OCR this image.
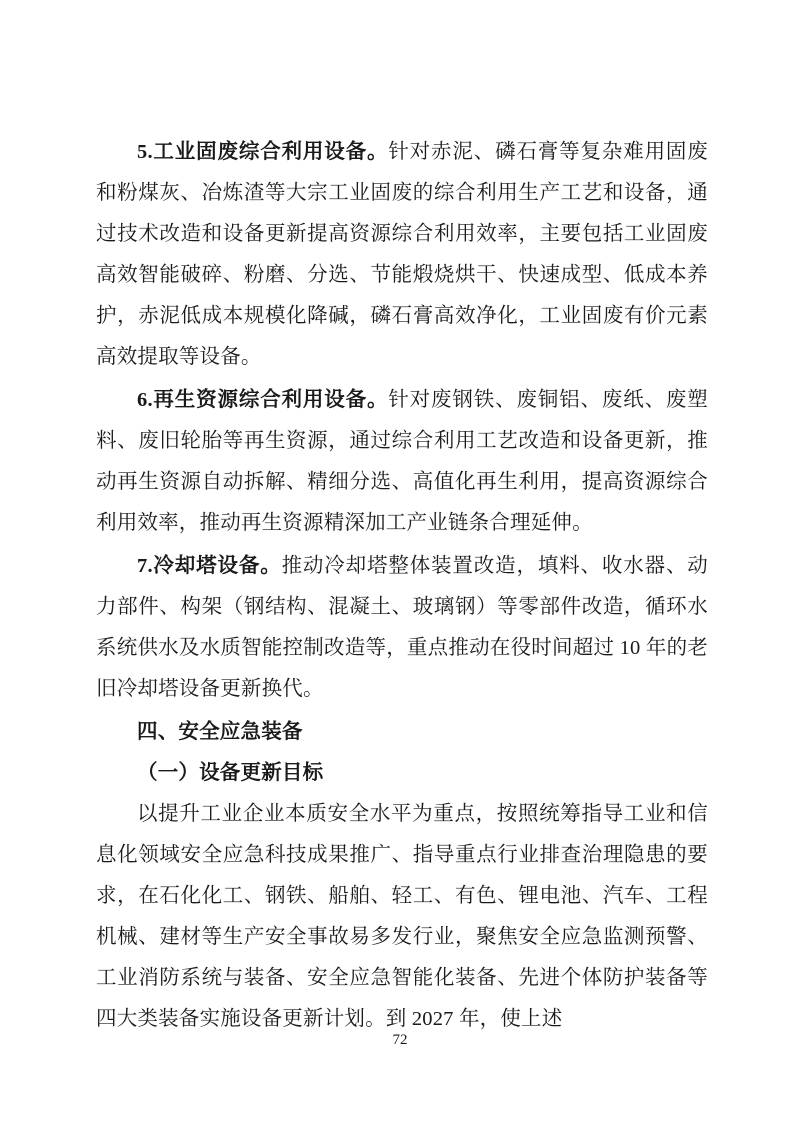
5.工业固废综合利用设备。针对赤泥、磷石膏等复杂难用固废和粉煤灰、冶炼渣等大宗工业固废的综合利用生产工艺和设备，通过技术改造和设备更新提高资源综合利用效率，主要包括工业固废高效智能破碎、粉磨、分选、节能煅烧烘干、快速成型、低成本养护，赤泥低成本规模化降碱，磷石膏高效净化，工业固废有价元素高效提取等设备。

6.再生资源综合利用设备。针对废钢铁、废铜铝、废纸、废塑料、废旧轮胎等再生资源，通过综合利用工艺改造和设备更新，推动再生资源自动拆解、精细分选、高值化再生利用，提高资源综合利用效率，推动再生资源精深加工产业链条合理延伸。

7.冷却塔设备。推动冷却塔整体装置改造，填料、收水器、动力部件、构架（钢结构、混凝土、玻璃钢）等零部件改造，循环水系统供水及水质智能控制改造等，重点推动在役时间超过 10 年的老旧冷却塔设备更新换代。

四、安全应急装备

（一）设备更新目标

以提升工业企业本质安全水平为重点，按照统筹指导工业和信息化领域安全应急科技成果推广、指导重点行业排查治理隐患的要求，在石化化工、钢铁、船舶、轻工、有色、锂电池、汽车、工程机械、建材等生产安全事故易多发行业，聚焦安全应急监测预警、工业消防系统与装备、安全应急智能化装备、先进个体防护装备等四大类装备实施设备更新计划。到 2027 年，使上述

72
